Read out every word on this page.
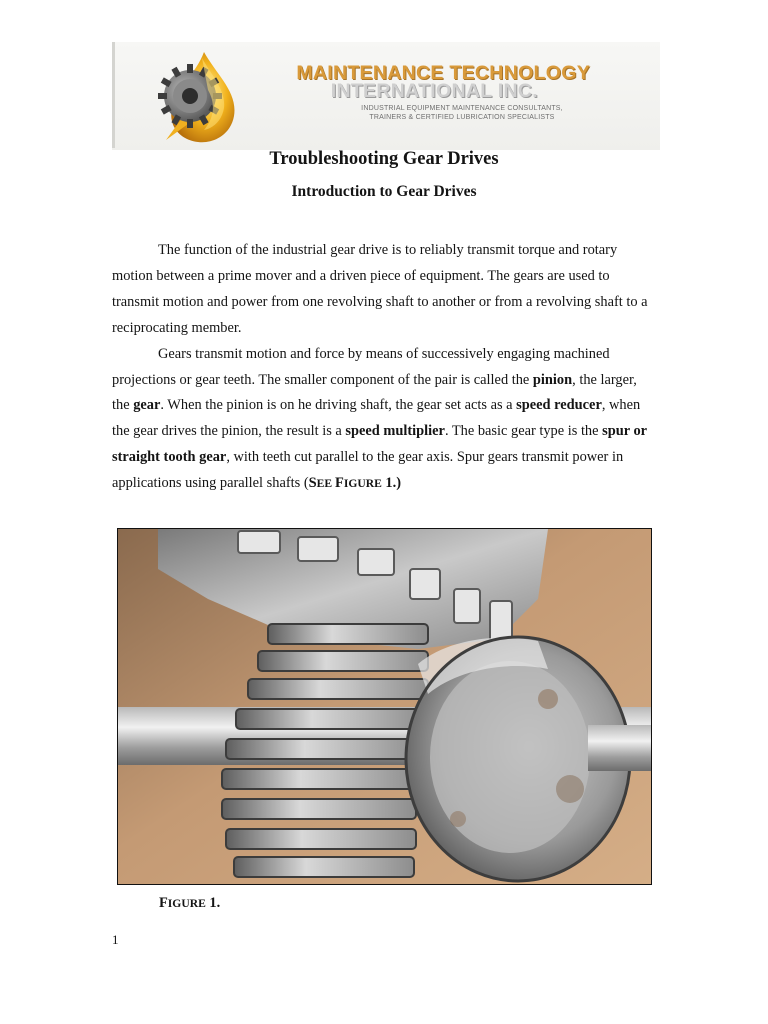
MAINTENANCE TECHNOLOGY
INTERNATIONAL INC.
INDUSTRIAL EQUIPMENT MAINTENANCE CONSULTANTS,
TRAINERS & CERTIFIED LUBRICATION SPECIALISTS
Troubleshooting Gear Drives
Introduction to Gear Drives

The function of the industrial gear drive is to reliably transmit torque and rotary motion between a prime mover and a driven piece of equipment. The gears are used to transmit motion and power from one revolving shaft to another or from a revolving shaft to a reciprocating member.

Gears transmit motion and force by means of successively engaging machined projections or gear teeth. The smaller component of the pair is called the pinion, the larger, the gear. When the pinion is on he driving shaft, the gear set acts as a speed reducer, when the gear drives the pinion, the result is a speed multiplier. The basic gear type is the spur or straight tooth gear, with teeth cut parallel to the gear axis. Spur gears transmit power in applications using parallel shafts (SEE FIGURE 1.)

FIGURE 1.
1
